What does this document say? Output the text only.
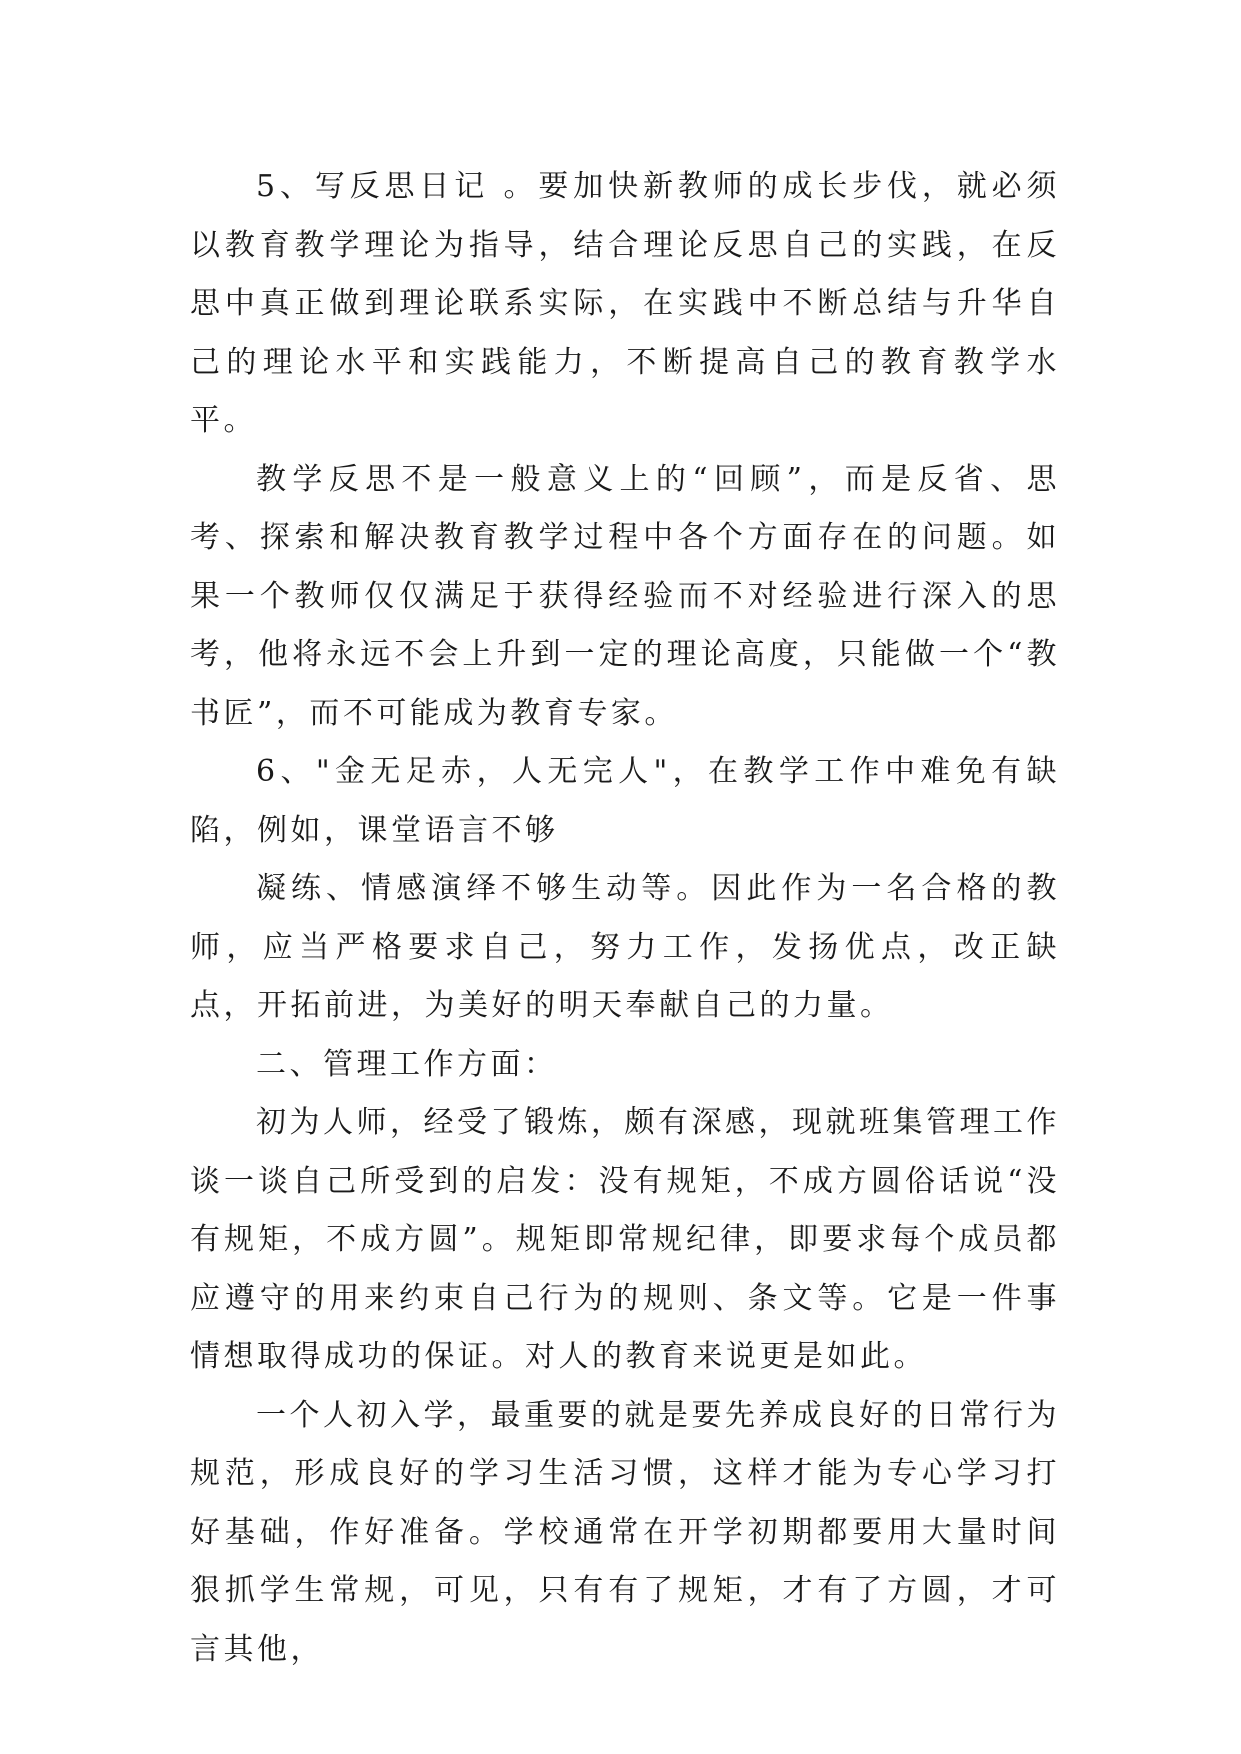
5、写反思日记 。要加快新教师的成长步伐，就必须以教育教学理论为指导，结合理论反思自己的实践，在反思中真正做到理论联系实际，在实践中不断总结与升华自己的理论水平和实践能力，不断提高自己的教育教学水平。

教学反思不是一般意义上的“回顾”，而是反省、思考、探索和解决教育教学过程中各个方面存在的问题。如果一个教师仅仅满足于获得经验而不对经验进行深入的思考，他将永远不会上升到一定的理论高度，只能做一个“教书匠”，而不可能成为教育专家。

6、"金无足赤，人无完人"，在教学工作中难免有缺陷，例如，课堂语言不够

凝练、情感演绎不够生动等。因此作为一名合格的教师，应当严格要求自己，努力工作，发扬优点，改正缺点，开拓前进，为美好的明天奉献自己的力量。

二、管理工作方面：

初为人师，经受了锻炼，颇有深感，现就班集管理工作谈一谈自己所受到的启发：没有规矩，不成方圆俗话说“没有规矩，不成方圆”。规矩即常规纪律，即要求每个成员都应遵守的用来约束自己行为的规则、条文等。它是一件事情想取得成功的保证。对人的教育来说更是如此。

一个人初入学，最重要的就是要先养成良好的日常行为规范，形成良好的学习生活习惯，这样才能为专心学习打好基础，作好准备。学校通常在开学初期都要用大量时间狠抓学生常规，可见，只有有了规矩，才有了方圆，才可言其他，
